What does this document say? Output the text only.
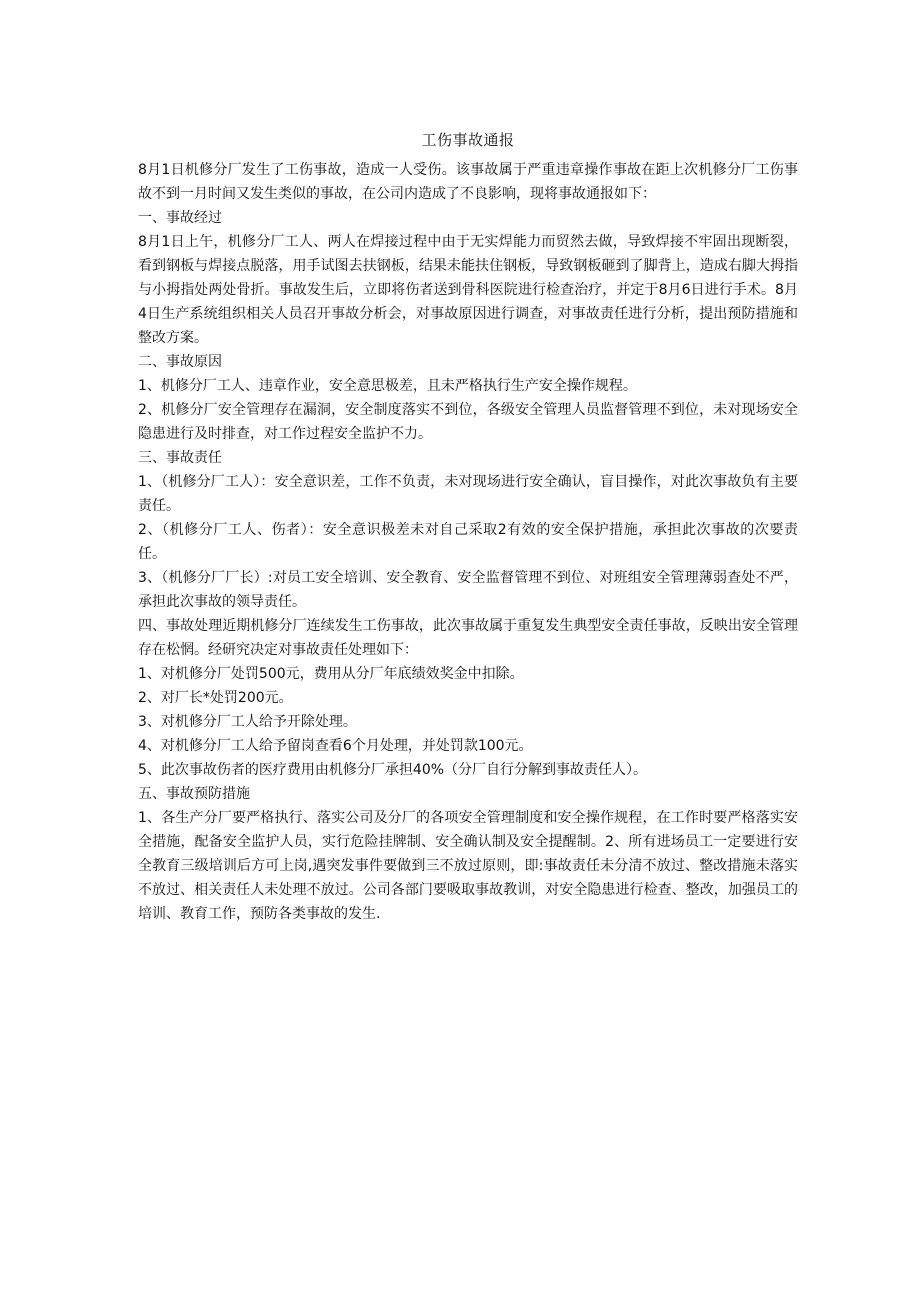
工伤事故通报

8月1日机修分厂发生了工伤事故，造成一人受伤。该事故属于严重违章操作事故在距上次机修分厂工伤事故不到一月时间又发生类似的事故，在公司内造成了不良影响，现将事故通报如下：

一、事故经过

8月1日上午，机修分厂工人、两人在焊接过程中由于无实焊能力而贸然去做，导致焊接不牢固出现断裂，看到钢板与焊接点脱落，用手试图去扶钢板，结果未能扶住钢板，导致钢板砸到了脚背上，造成右脚大拇指与小拇指处两处骨折。事故发生后，立即将伤者送到骨科医院进行检查治疗，并定于8月6日进行手术。8月4日生产系统组织相关人员召开事故分析会，对事故原因进行调查，对事故责任进行分析，提出预防措施和整改方案。

二、事故原因

1、机修分厂工人、违章作业，安全意思极差，且未严格执行生产安全操作规程。

2、机修分厂安全管理存在漏洞，安全制度落实不到位，各级安全管理人员监督管理不到位，未对现场安全隐患进行及时排查，对工作过程安全监护不力。

三、事故责任

1、（机修分厂工人）：安全意识差，工作不负责，未对现场进行安全确认，盲目操作，对此次事故负有主要责任。

2、（机修分厂工人、伤者）：安全意识极差未对自己采取2有效的安全保护措施，承担此次事故的次要责任。

3、（机修分厂厂长）:对员工安全培训、安全教育、安全监督管理不到位、对班组安全管理薄弱查处不严，承担此次事故的领导责任。

四、事故处理近期机修分厂连续发生工伤事故，此次事故属于重复发生典型安全责任事故，反映出安全管理存在松惘。经研究决定对事故责任处理如下：

1、对机修分厂处罚500元，费用从分厂年底绩效奖金中扣除。

2、对厂长*处罚200元。

3、对机修分厂工人给予开除处理。

4、对机修分厂工人给予留岗查看6个月处理，并处罚款100元。

5、此次事故伤者的医疗费用由机修分厂承担40%（分厂自行分解到事故责任人）。

五、事故预防措施

1、各生产分厂要严格执行、落实公司及分厂的各项安全管理制度和安全操作规程，在工作时要严格落实安全措施，配备安全监护人员，实行危险挂牌制、安全确认制及安全提醒制。2、所有进场员工一定要进行安全教育三级培训后方可上岗,遇突发事件要做到三不放过原则，即:事故责任未分清不放过、整改措施未落实不放过、相关责任人未处理不放过。公司各部门要吸取事故教训，对安全隐患进行检查、整改，加强员工的培训、教育工作，预防各类事故的发生.
